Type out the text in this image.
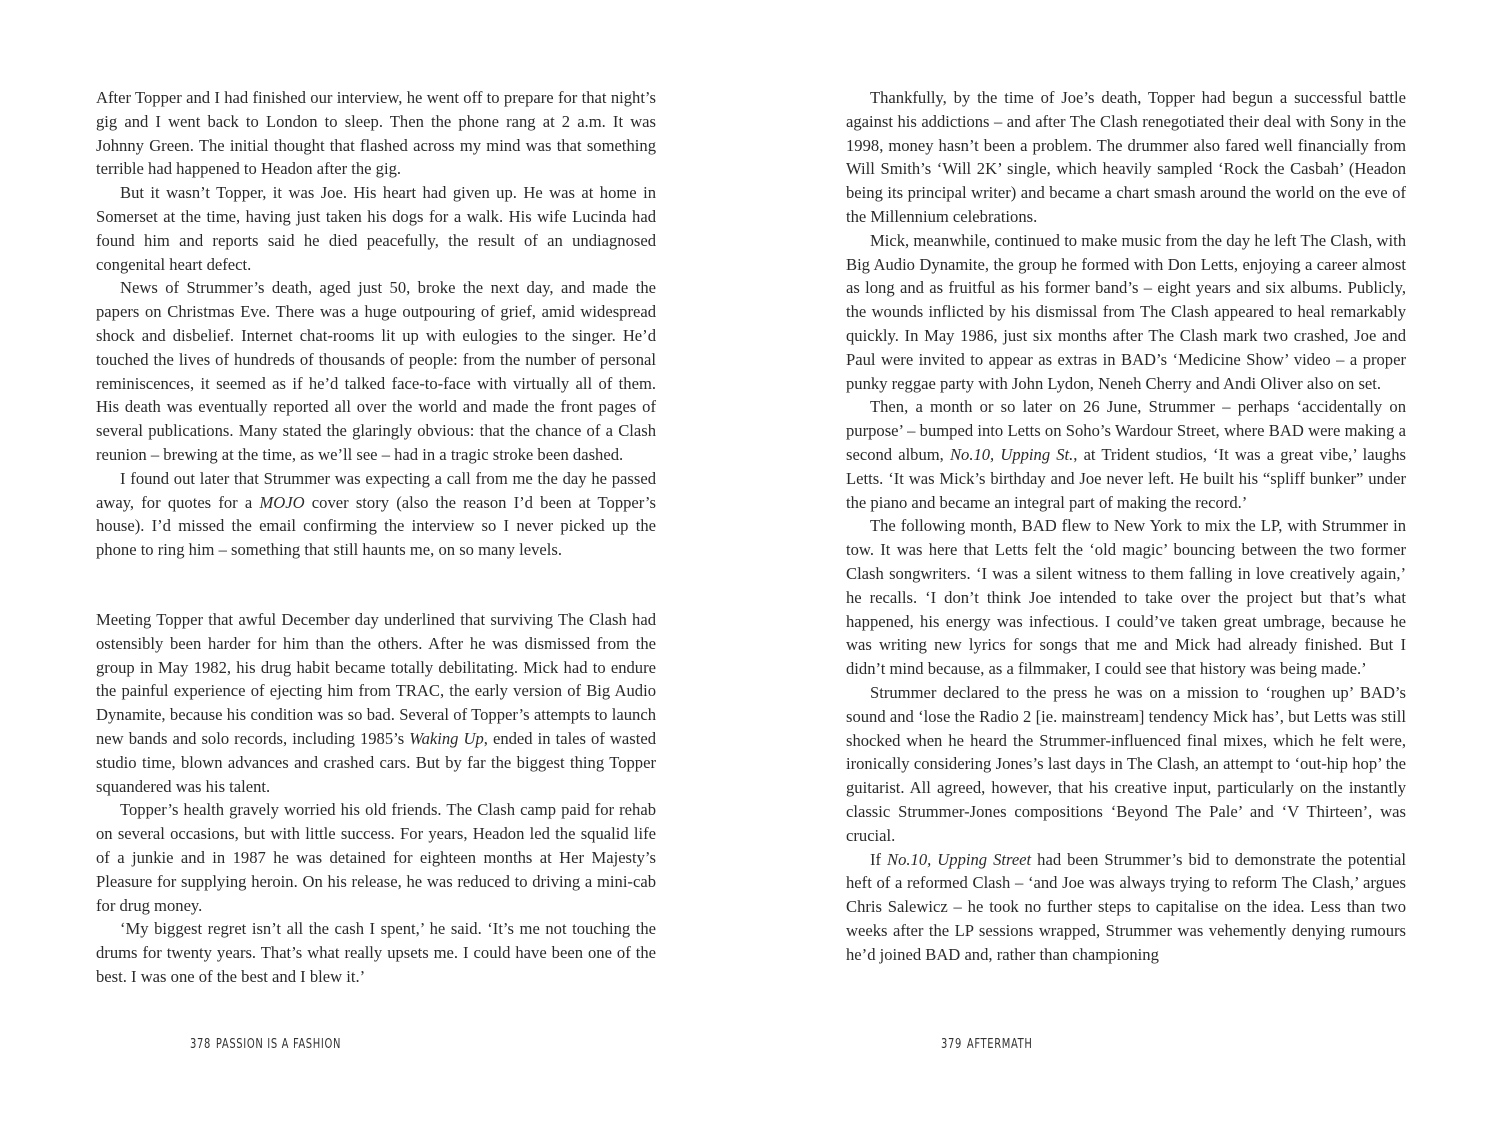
After Topper and I had finished our interview, he went off to prepare for that night’s gig and I went back to London to sleep. Then the phone rang at 2 a.m. It was Johnny Green. The initial thought that flashed across my mind was that something terrible had happened to Headon after the gig.

But it wasn’t Topper, it was Joe. His heart had given up. He was at home in Somerset at the time, having just taken his dogs for a walk. His wife Lucinda had found him and reports said he died peacefully, the result of an undiagnosed congenital heart defect.

News of Strummer’s death, aged just 50, broke the next day, and made the papers on Christmas Eve. There was a huge outpouring of grief, amid widespread shock and disbelief. Internet chat-rooms lit up with eulogies to the singer. He’d touched the lives of hundreds of thousands of people: from the number of personal reminiscences, it seemed as if he’d talked face-to-face with virtually all of them. His death was eventually reported all over the world and made the front pages of several publications. Many stated the glaringly obvious: that the chance of a Clash reunion – brewing at the time, as we’ll see – had in a tragic stroke been dashed.

I found out later that Strummer was expecting a call from me the day he passed away, for quotes for a MOJO cover story (also the reason I’d been at Topper’s house). I’d missed the email confirming the interview so I never picked up the phone to ring him – something that still haunts me, on so many levels.

Meeting Topper that awful December day underlined that surviving The Clash had ostensibly been harder for him than the others. After he was dismissed from the group in May 1982, his drug habit became totally debilitating. Mick had to endure the painful experience of ejecting him from TRAC, the early version of Big Audio Dynamite, because his condition was so bad. Several of Topper’s attempts to launch new bands and solo records, including 1985’s Waking Up, ended in tales of wasted studio time, blown advances and crashed cars. But by far the biggest thing Topper squandered was his talent.

Topper’s health gravely worried his old friends. The Clash camp paid for rehab on several occasions, but with little success. For years, Headon led the squalid life of a junkie and in 1987 he was detained for eighteen months at Her Majesty’s Pleasure for supplying heroin. On his release, he was reduced to driving a mini-cab for drug money.

‘My biggest regret isn’t all the cash I spent,’ he said. ‘It’s me not touching the drums for twenty years. That’s what really upsets me. I could have been one of the best. I was one of the best and I blew it.’

378 PASSION IS A FASHION

Thankfully, by the time of Joe’s death, Topper had begun a successful battle against his addictions – and after The Clash renegotiated their deal with Sony in the 1998, money hasn’t been a problem. The drummer also fared well financially from Will Smith’s ‘Will 2K’ single, which heavily sampled ‘Rock the Casbah’ (Headon being its principal writer) and became a chart smash around the world on the eve of the Millennium celebrations.

Mick, meanwhile, continued to make music from the day he left The Clash, with Big Audio Dynamite, the group he formed with Don Letts, enjoying a career almost as long and as fruitful as his former band’s – eight years and six albums. Publicly, the wounds inflicted by his dismissal from The Clash appeared to heal remarkably quickly. In May 1986, just six months after The Clash mark two crashed, Joe and Paul were invited to appear as extras in BAD’s ‘Medicine Show’ video – a proper punky reggae party with John Lydon, Neneh Cherry and Andi Oliver also on set.

Then, a month or so later on 26 June, Strummer – perhaps ‘accidentally on purpose’ – bumped into Letts on Soho’s Wardour Street, where BAD were making a second album, No.10, Upping St., at Trident studios, ‘It was a great vibe,’ laughs Letts. ‘It was Mick’s birthday and Joe never left. He built his “spliff bunker” under the piano and became an integral part of making the record.’

The following month, BAD flew to New York to mix the LP, with Strummer in tow. It was here that Letts felt the ‘old magic’ bouncing between the two former Clash songwriters. ‘I was a silent witness to them falling in love creatively again,’ he recalls. ‘I don’t think Joe intended to take over the project but that’s what happened, his energy was infectious. I could’ve taken great umbrage, because he was writing new lyrics for songs that me and Mick had already finished. But I didn’t mind because, as a filmmaker, I could see that history was being made.’

Strummer declared to the press he was on a mission to ‘roughen up’ BAD’s sound and ‘lose the Radio 2 [ie. mainstream] tendency Mick has’, but Letts was still shocked when he heard the Strummer-influenced final mixes, which he felt were, ironically considering Jones’s last days in The Clash, an attempt to ‘out-hip hop’ the guitarist. All agreed, however, that his creative input, particularly on the instantly classic Strummer-Jones compositions ‘Beyond The Pale’ and ‘V Thirteen’, was crucial.

If No.10, Upping Street had been Strummer’s bid to demonstrate the potential heft of a reformed Clash – ‘and Joe was always trying to reform The Clash,’ argues Chris Salewicz – he took no further steps to capitalise on the idea. Less than two weeks after the LP sessions wrapped, Strummer was vehemently denying rumours he’d joined BAD and, rather than championing

379 AFTERMATH
